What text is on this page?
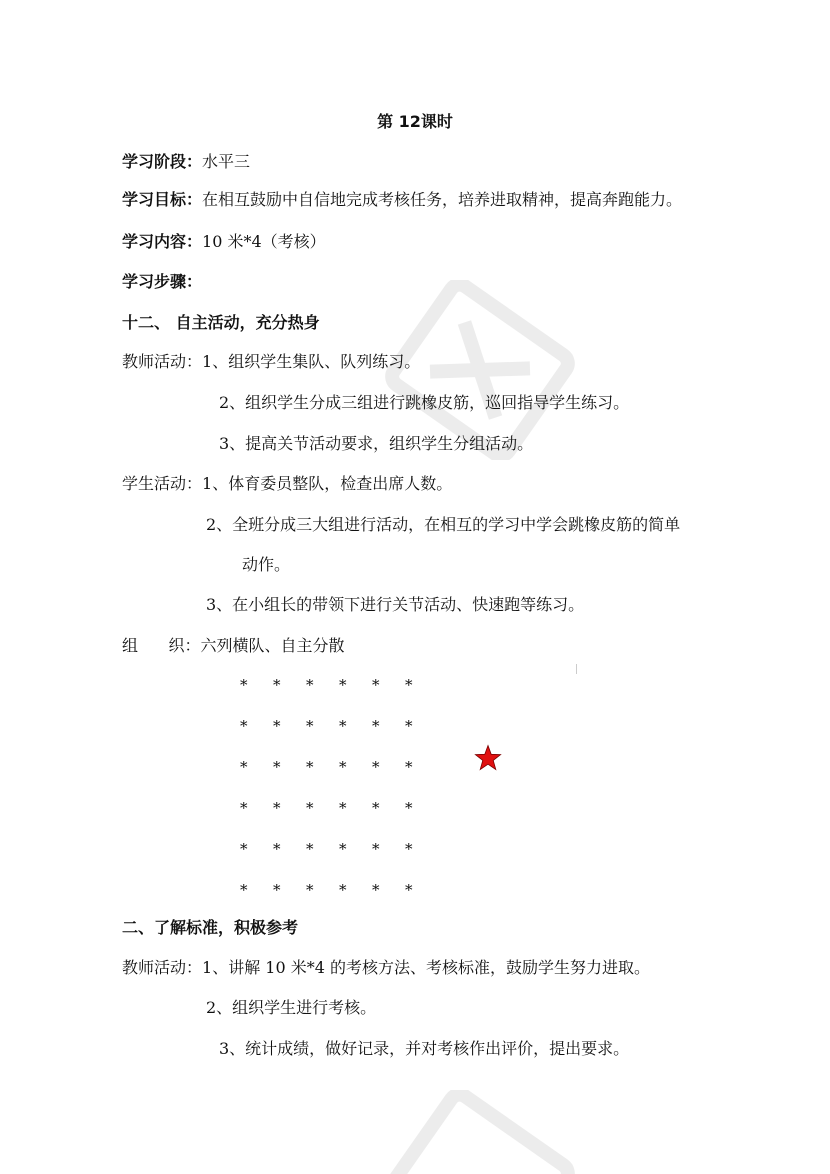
第 12课时
学习阶段：水平三
学习目标：在相互鼓励中自信地完成考核任务，培养进取精神，提高奔跑能力。
学习内容：10 米*4（考核）
学习步骤：
十二、 自主活动，充分热身
教师活动：1、组织学生集队、队列练习。
2、组织学生分成三组进行跳橡皮筋，巡回指导学生练习。
3、提高关节活动要求，组织学生分组活动。
学生活动：1、体育委员整队，检查出席人数。
2、全班分成三大组进行活动，在相互的学习中学会跳橡皮筋的简单
动作。
3、在小组长的带领下进行关节活动、快速跑等练习。
组      织：六列横队、自主分散
*	*	*	*	*	*
*	*	*	*	*	*
*	*	*	*	*	*
*	*	*	*	*	*
*	*	*	*	*	*
*	*	*	*	*	*
二、了解标准，积极参考
教师活动：1、讲解 10 米*4 的考核方法、考核标准，鼓励学生努力进取。
2、组织学生进行考核。
3、统计成绩，做好记录，并对考核作出评价，提出要求。
